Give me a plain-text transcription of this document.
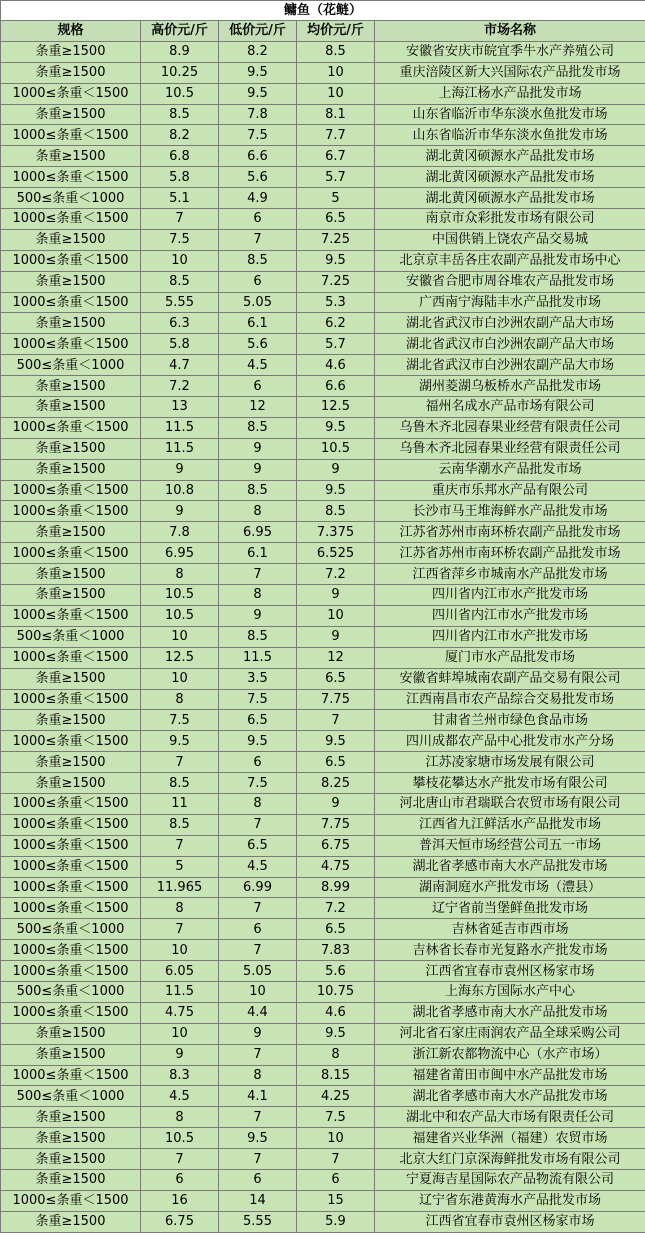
鳙鱼（花鲢）				
规格	高价元/斤	低价元/斤	均价元/斤	市场名称
条重≥1500	8.9	8.2	8.5	安徽省安庆市皖宜季牛水产养殖公司
条重≥1500	10.25	9.5	10	重庆涪陵区新大兴国际农产品批发市场
1000≤条重＜1500	10.5	9.5	10	上海江杨水产品批发市场
条重≥1500	8.5	7.8	8.1	山东省临沂市华东淡水鱼批发市场
1000≤条重＜1500	8.2	7.5	7.7	山东省临沂市华东淡水鱼批发市场
条重≥1500	6.8	6.6	6.7	湖北黄冈硕源水产品批发市场
1000≤条重＜1500	5.8	5.6	5.7	湖北黄冈硕源水产品批发市场
500≤条重＜1000	5.1	4.9	5	湖北黄冈硕源水产品批发市场
1000≤条重＜1500	7	6	6.5	南京市众彩批发市场有限公司
条重≥1500	7.5	7	7.25	中国供销上饶农产品交易城
1000≤条重＜1500	10	8.5	9.5	北京京丰岳各庄农副产品批发市场中心
条重≥1500	8.5	6	7.25	安徽省合肥市周谷堆农产品批发市场
1000≤条重＜1500	5.55	5.05	5.3	广西南宁海陆丰水产品批发市场
条重≥1500	6.3	6.1	6.2	湖北省武汉市白沙洲农副产品大市场
1000≤条重＜1500	5.8	5.6	5.7	湖北省武汉市白沙洲农副产品大市场
500≤条重＜1000	4.7	4.5	4.6	湖北省武汉市白沙洲农副产品大市场
条重≥1500	7.2	6	6.6	湖州菱湖乌板桥水产品批发市场
条重≥1500	13	12	12.5	福州名成水产品市场有限公司
1000≤条重＜1500	11.5	8.5	9.5	乌鲁木齐北园春果业经营有限责任公司
条重≥1500	11.5	9	10.5	乌鲁木齐北园春果业经营有限责任公司
条重≥1500	9	9	9	云南华潮水产品批发市场
1000≤条重＜1500	10.8	8.5	9.5	重庆市乐邦水产品有限公司
1000≤条重＜1500	9	8	8.5	长沙市马王堆海鲜水产品批发市场
条重≥1500	7.8	6.95	7.375	江苏省苏州市南环桥农副产品批发市场
1000≤条重＜1500	6.95	6.1	6.525	江苏省苏州市南环桥农副产品批发市场
条重≥1500	8	7	7.2	江西省萍乡市城南水产品批发市场
条重≥1500	10.5	8	9	四川省内江市水产批发市场
1000≤条重＜1500	10.5	9	10	四川省内江市水产批发市场
500≤条重＜1000	10	8.5	9	四川省内江市水产批发市场
1000≤条重＜1500	12.5	11.5	12	厦门市水产品批发市场
条重≥1500	10	3.5	6.5	安徽省蚌埠城南农副产品交易有限公司
1000≤条重＜1500	8	7.5	7.75	江西南昌市农产品综合交易批发市场
条重≥1500	7.5	6.5	7	甘肃省兰州市绿色食品市场
1000≤条重＜1500	9.5	9.5	9.5	四川成都农产品中心批发市水产分场
条重≥1500	7	6	6.5	江苏凌家塘市场发展有限公司
条重≥1500	8.5	7.5	8.25	攀枝花攀达水产批发市场有限公司
1000≤条重＜1500	11	8	9	河北唐山市君瑞联合农贸市场有限公司
1000≤条重＜1500	8.5	7	7.75	江西省九江鲜活水产品批发市场
1000≤条重＜1500	7	6.5	6.75	普洱天恒市场经营公司五一市场
1000≤条重＜1500	5	4.5	4.75	湖北省孝感市南大水产品批发市场
1000≤条重＜1500	11.965	6.99	8.99	湖南洞庭水产批发市场（澧县）
1000≤条重＜1500	8	7	7.2	辽宁省前当堡鲜鱼批发市场
500≤条重＜1000	7	6	6.5	吉林省延吉市西市场
1000≤条重＜1500	10	7	7.83	吉林省长春市光复路水产批发市场
1000≤条重＜1500	6.05	5.05	5.6	江西省宜春市袁州区杨家市场
500≤条重＜1000	11.5	10	10.75	上海东方国际水产中心
1000≤条重＜1500	4.75	4.4	4.6	湖北省孝感市南大水产品批发市场
条重≥1500	10	9	9.5	河北省石家庄雨润农产品全球采购公司
条重≥1500	9	7	8	浙江新农都物流中心（水产市场）
1000≤条重＜1500	8.3	8	8.15	福建省莆田市闽中水产品批发市场
500≤条重＜1000	4.5	4.1	4.25	湖北省孝感市南大水产品批发市场
条重≥1500	8	7	7.5	湖北中和农产品大市场有限责任公司
条重≥1500	10.5	9.5	10	福建省兴业华洲（福建）农贸市场
条重≥1500	7	7	7	北京大红门京深海鲜批发市场有限公司
条重≥1500	6	6	6	宁夏海吉星国际农产品物流有限公司
1000≤条重＜1500	16	14	15	辽宁省东港黄海水产品批发市场
条重≥1500	6.75	5.55	5.9	江西省宜春市袁州区杨家市场
